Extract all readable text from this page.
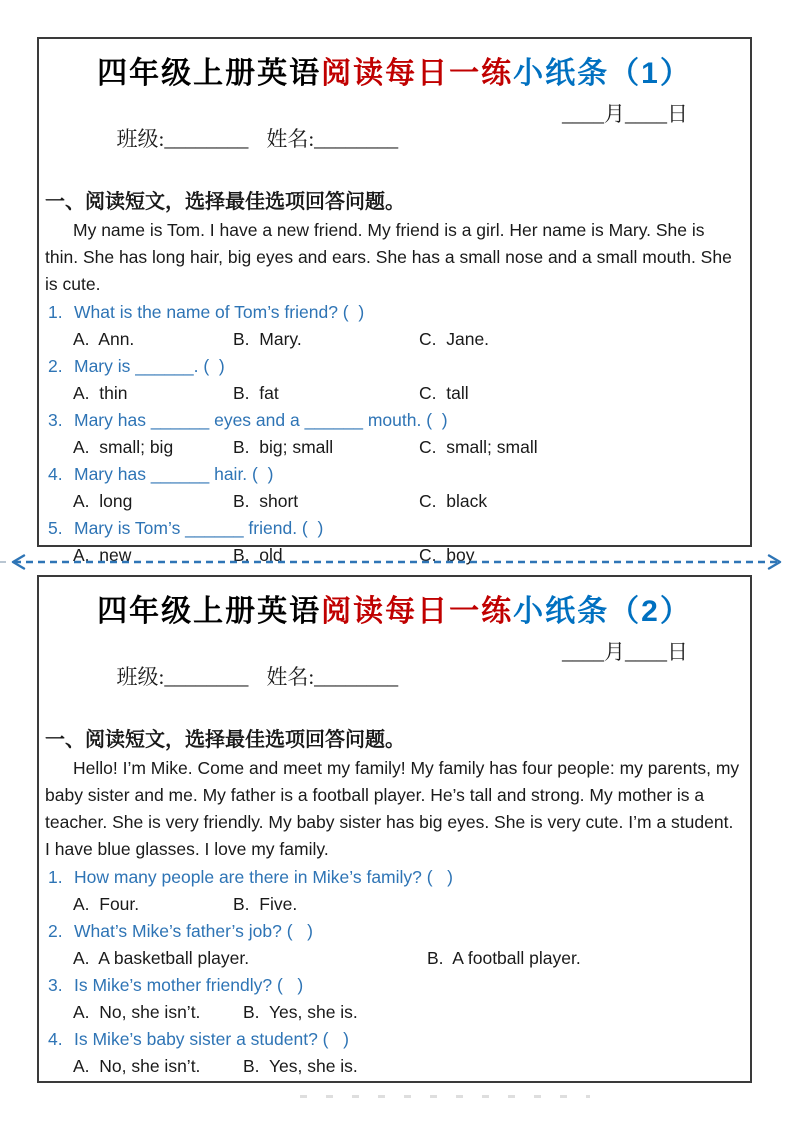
四年级上册英语阅读每日一练小纸条（1）

班级:________ 姓名:________

____月____日
一、阅读短文，选择最佳选项回答问题。

My name is Tom. I have a new friend. My friend is a girl. Her name is Mary. She is thin. She has long hair, big eyes and ears. She has a small nose and a small mouth. She is cute.

1. What is the name of Tom’s friend? (  )
A.  Ann.	B.  Mary.	C.  Jane.
2. Mary is ______. (  )
A.  thin	B.  fat	C.  tall
3. Mary has ______ eyes and a ______ mouth. (  )
A.  small; big	B.  big; small	C.  small; small
4. Mary has ______ hair. (  )
A.  long	B.  short	C.  black
5. Mary is Tom’s ______ friend. (  )
A.  new	B.  old	C.  boy
四年级上册英语阅读每日一练小纸条（2）

班级:________ 姓名:________

____月____日
一、阅读短文，选择最佳选项回答问题。

Hello! I’m Mike. Come and meet my family! My family has four people: my parents, my baby sister and me. My father is a football player. He’s tall and strong. My mother is a teacher. She is very friendly. My baby sister has big eyes. She is very cute. I’m a student. I have blue glasses. I love my family.

1. How many people are there in Mike’s family? (   )
A.  Four.	B.  Five.
2. What’s Mike’s father’s job? (   )
A.  A basketball player.	B.  A football player.
3. Is Mike’s mother friendly? (   )
A.  No, she isn’t. B.  Yes, she is.
4. Is Mike’s baby sister a student? (   )
A.  No, she isn’t. B.  Yes, she is.
